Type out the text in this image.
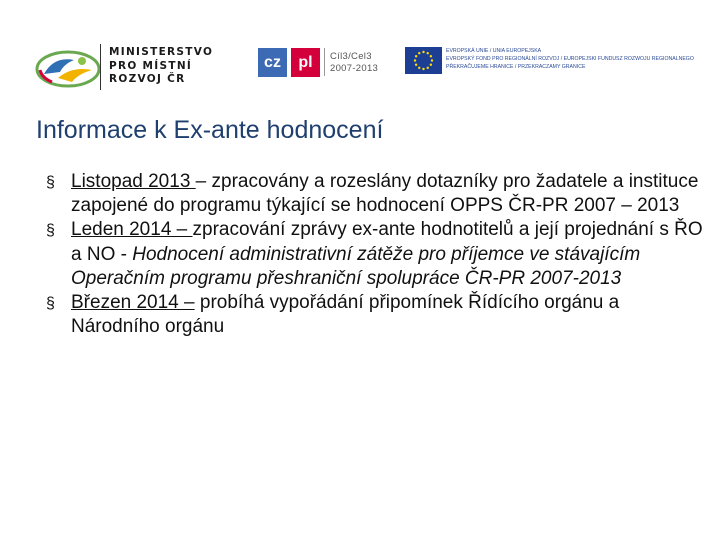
MINISTERSTVO
PRO MÍSTNÍ
ROZVOJ ČR
cz	pl	Cíl3/Cel3
2007-2013
EVROPSKÁ UNIE / UNIA EUROPEJSKA
EVROPSKÝ FOND PRO REGIONÁLNÍ ROZVOJ / EUROPEJSKI FUNDUSZ ROZWOJU REGIONALNEGO
PŘEKRAČUJEME HRANICE / PRZEKRACZAMY GRANICE
Informace k Ex-ante hodnocení
§ Listopad 2013 – zpracovány a rozeslány dotazníky pro žadatele a instituce zapojené do programu týkající se hodnocení OPPS ČR-PR 2007 – 2013
§ Leden 2014 – zpracování zprávy ex-ante hodnotitelů a její projednání s ŘO a NO - Hodnocení administrativní zátěže pro příjemce ve stávajícím Operačním programu přeshraniční spolupráce ČR-PR 2007-2013
§ Březen 2014 – probíhá vypořádání připomínek Řídícího orgánu a Národního orgánu
